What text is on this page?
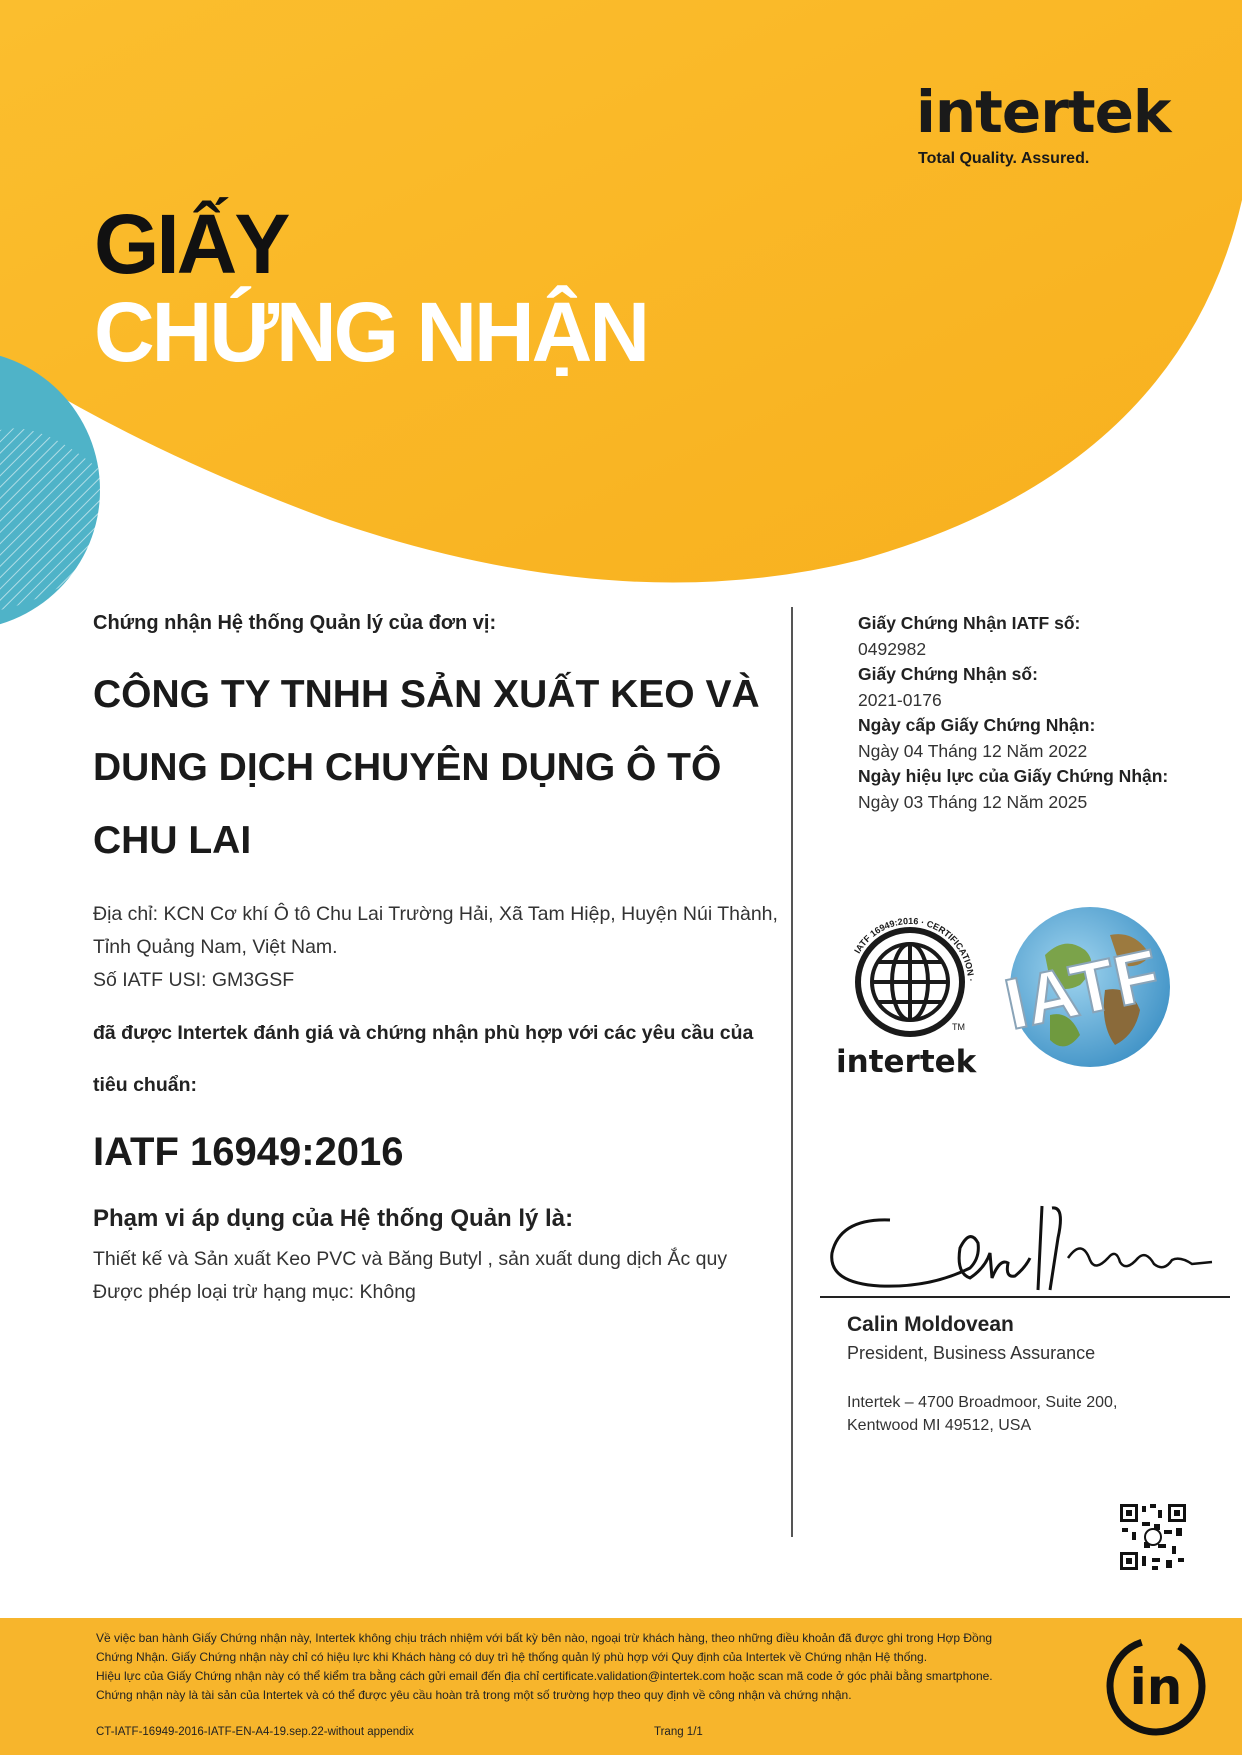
intertek
Total Quality. Assured.
GIẤY
CHỨNG NHẬN
Chứng nhận Hệ thống Quản lý của đơn vị:
CÔNG TY TNHH SẢN XUẤT KEO VÀ
DUNG DỊCH CHUYÊN DỤNG Ô TÔ
CHU LAI
Địa chỉ: KCN Cơ khí Ô tô Chu Lai Trường Hải, Xã Tam Hiệp, Huyện Núi Thành,
Tỉnh Quảng Nam, Việt Nam.
Số IATF USI: GM3GSF
đã được Intertek đánh giá và chứng nhận phù hợp với các yêu cầu của
tiêu chuẩn:
IATF 16949:2016
Phạm vi áp dụng của Hệ thống Quản lý là:
Thiết kế và Sản xuất Keo PVC và Băng Butyl , sản xuất dung dịch Ắc quy
Được phép loại trừ hạng mục: Không
Giấy Chứng Nhận IATF số:
0492982
Giấy Chứng Nhận số:
2021-0176
Ngày cấp Giấy Chứng Nhận:
Ngày 04 Tháng 12 Năm 2022
Ngày hiệu lực của Giấy Chứng Nhận:
Ngày 03 Tháng 12 Năm 2025
IATF 16949:2016 · CERTIFICATION ·
TM
intertek
IATF
Calin Moldovean
President, Business Assurance
Intertek – 4700 Broadmoor, Suite 200,
Kentwood MI 49512, USA
Về việc ban hành Giấy Chứng nhận này, Intertek không chịu trách nhiệm với bất kỳ bên nào, ngoại trừ khách hàng, theo những điều khoản đã được ghi trong Hợp Đồng
Chứng Nhận. Giấy Chứng nhận này chỉ có hiệu lực khi Khách hàng có duy trì hệ thống quản lý phù hợp với Quy định của Intertek về Chứng nhận Hệ thống.
Hiệu lực của Giấy Chứng nhận này có thể kiểm tra bằng cách gửi email đến địa chỉ certificate.validation@intertek.com hoặc scan mã code ở góc phải bằng smartphone.
Chứng nhận này là tài sản của Intertek và có thể được yêu cầu hoàn trả trong một số trường hợp theo quy định về công nhận và chứng nhận.
CT-IATF-16949-2016-IATF-EN-A4-19.sep.22-without appendix	Trang 1/1
in
